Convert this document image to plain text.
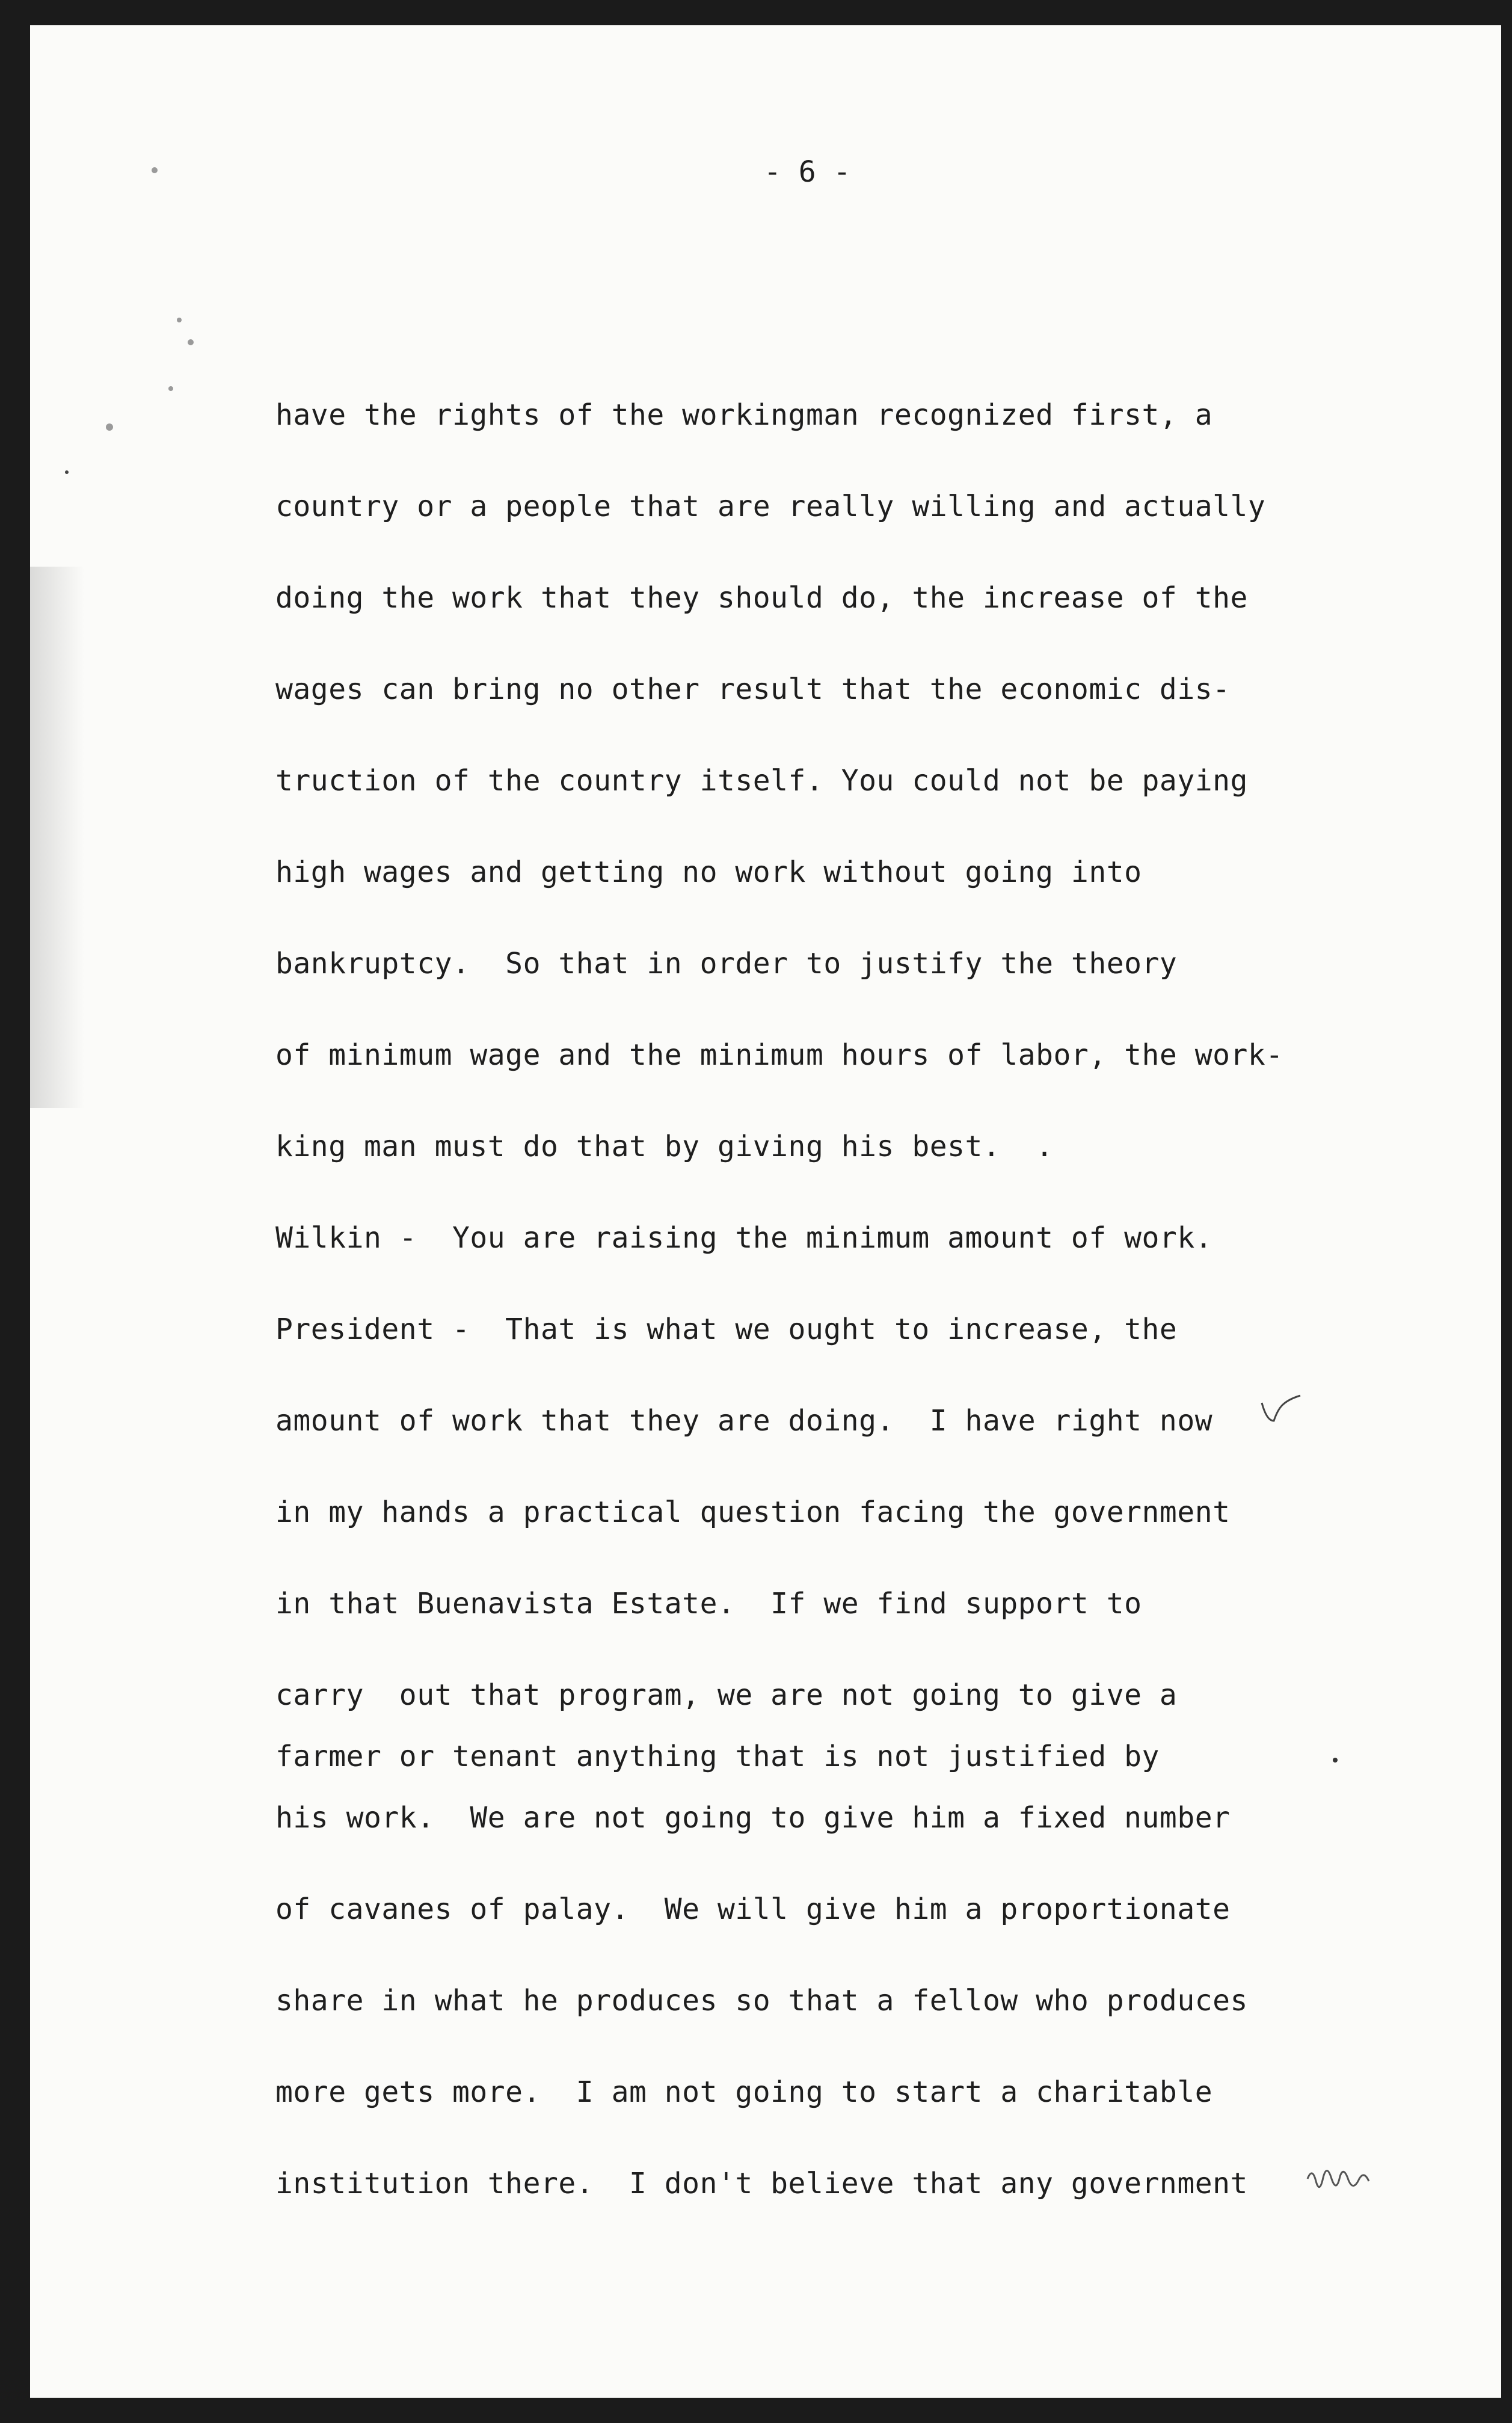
- 6 -
have the rights of the workingman recognized first, a
country or a people that are really willing and actually
doing the work that they should do, the increase of the
wages can bring no other result that the economic dis-
truction of the country itself. You could not be paying
high wages and getting no work without going into
bankruptcy.  So that in order to justify the theory
of minimum wage and the minimum hours of labor, the work-
king man must do that by giving his best.  .
Wilkin -  You are raising the minimum amount of work.
President -  That is what we ought to increase, the
amount of work that they are doing.  I have right now
in my hands a practical question facing the government
in that Buenavista Estate.  If we find support to
carry  out that program, we are not going to give a
farmer or tenant anything that is not justified by
his work.  We are not going to give him a fixed number
of cavanes of palay.  We will give him a proportionate
share in what he produces so that a fellow who produces
more gets more.  I am not going to start a charitable
institution there.  I don't believe that any government
